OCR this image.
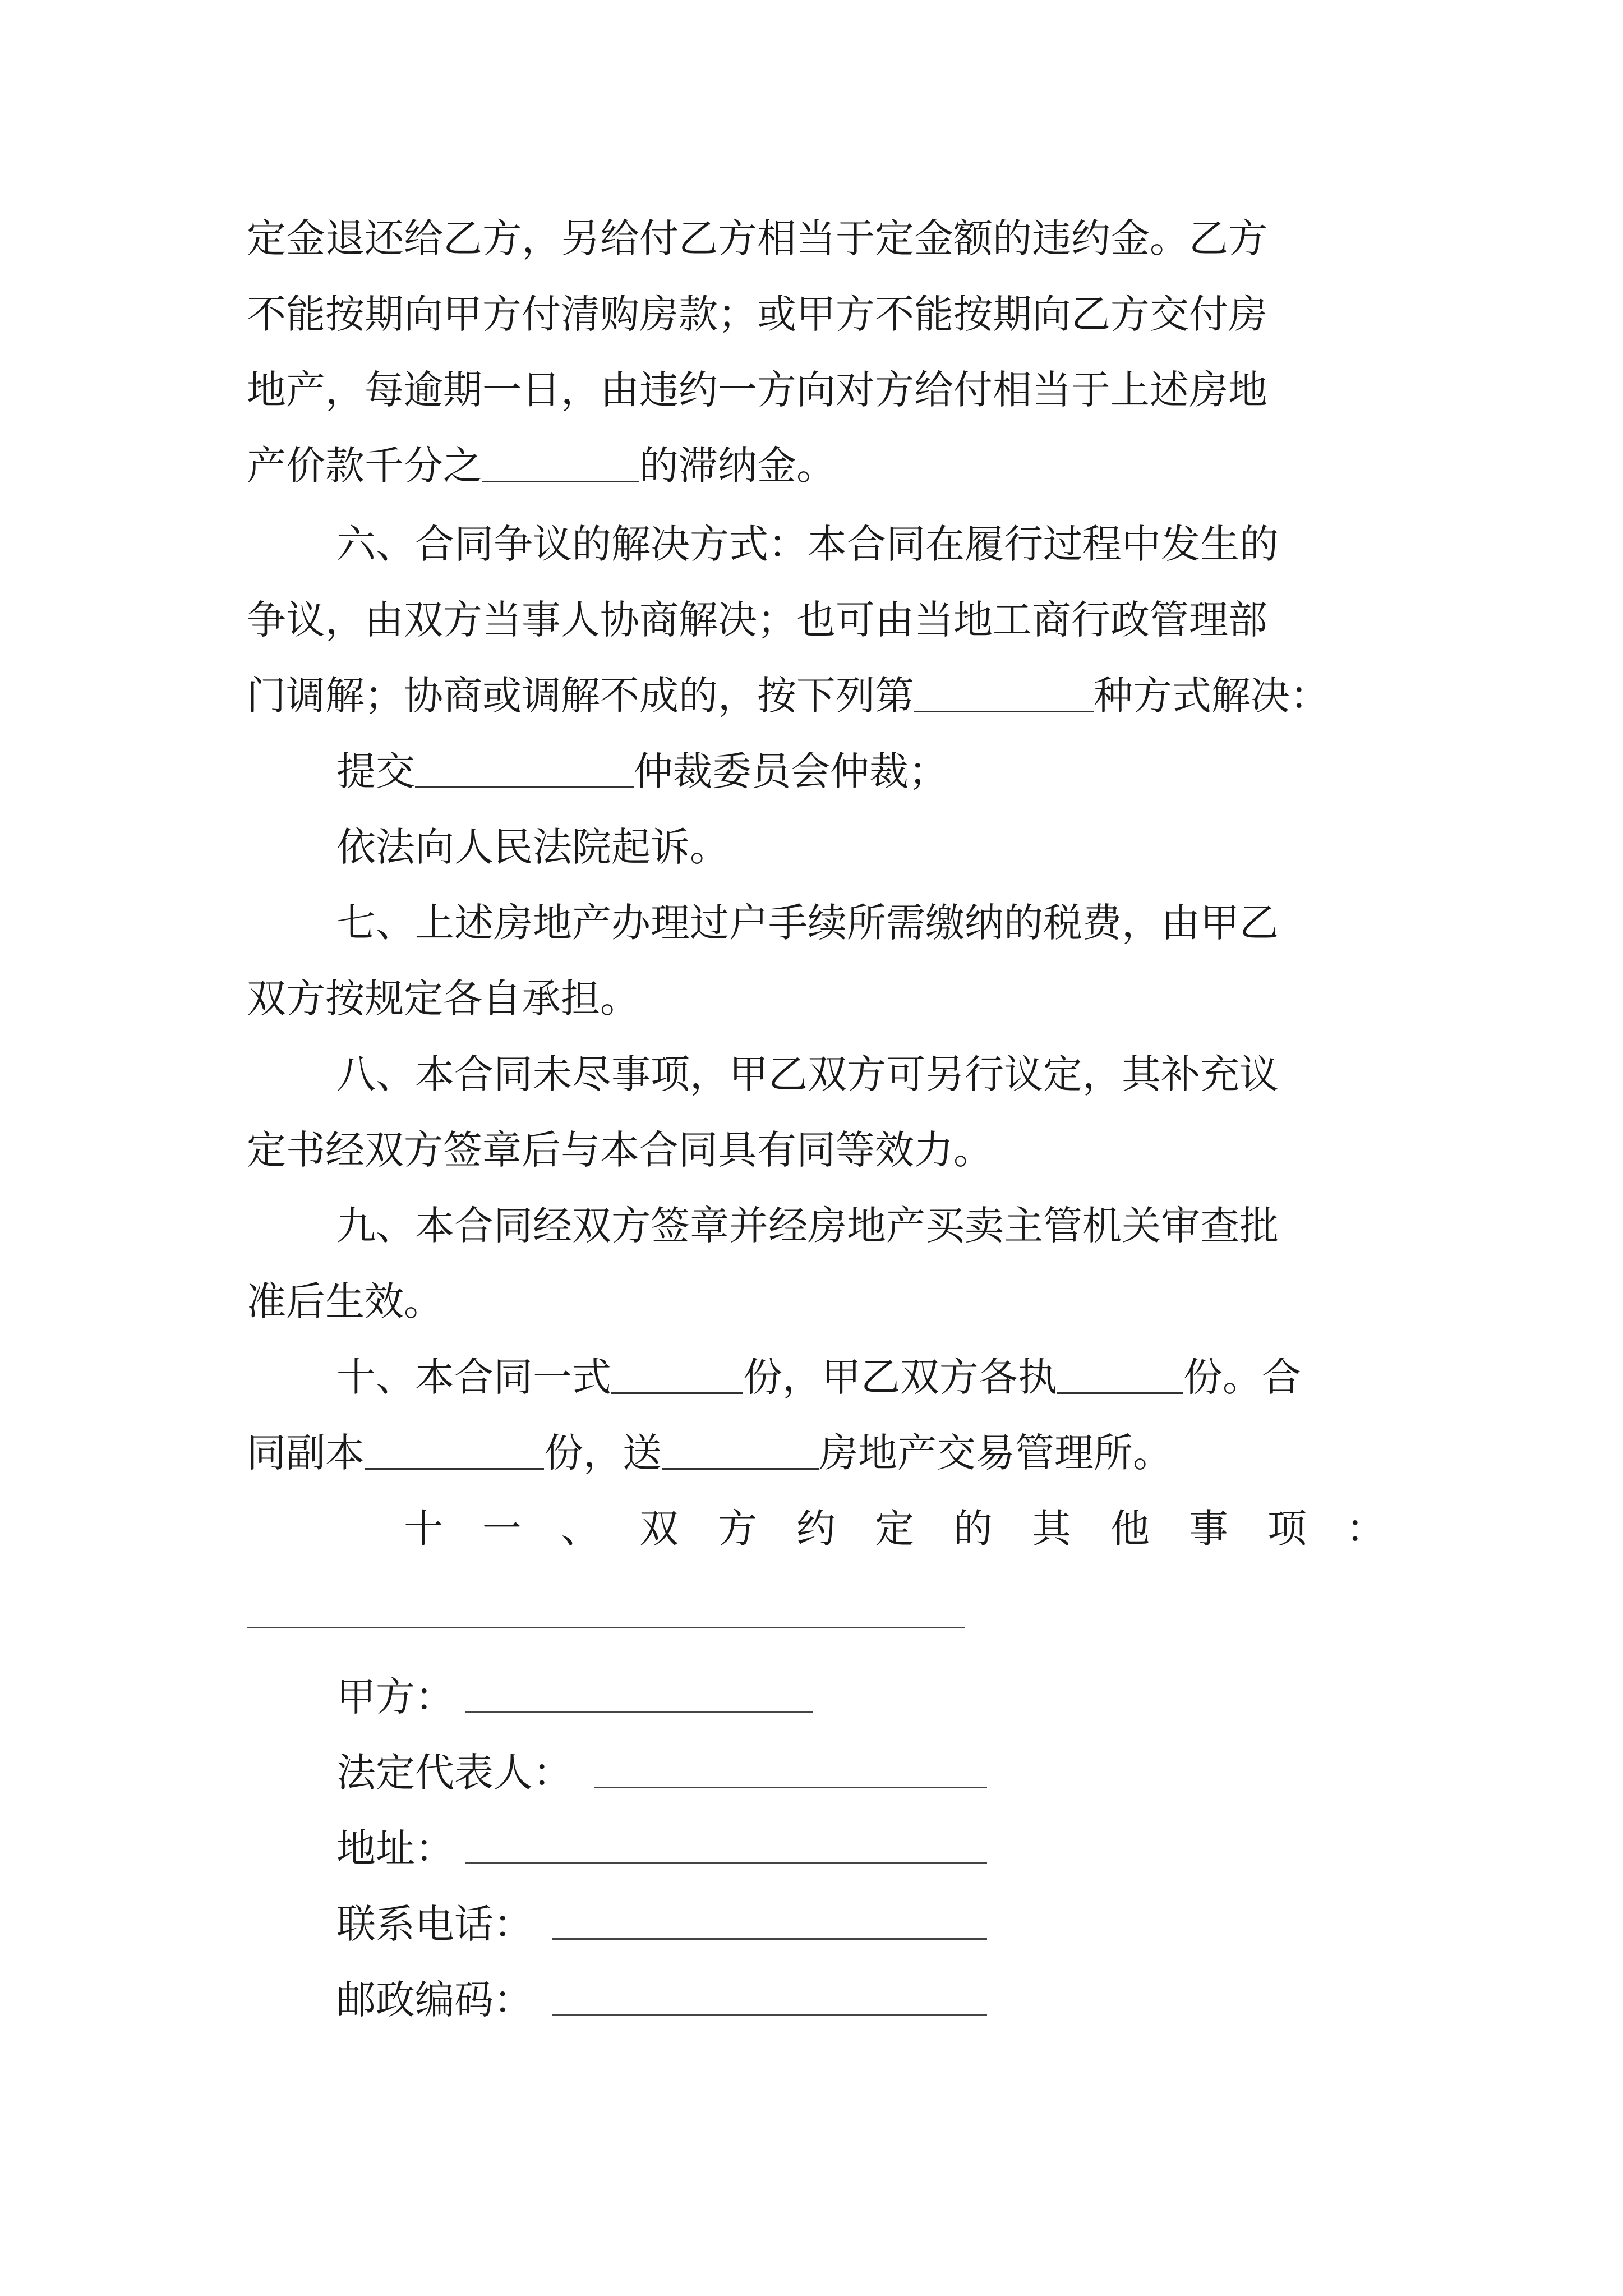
定金退还给乙方，另给付乙方相当于定金额的违约金。乙方
不能按期向甲方付清购房款；或甲方不能按期向乙方交付房
地产，每逾期一日，由违约一方向对方给付相当于上述房地
产价款千分之	的滞纳金。
六、合同争议的解决方式：本合同在履行过程中发生的
争议，由双方当事人协商解决；也可由当地工商行政管理部
门调解；协商或调解不成的，按下列第	种方式解决：
提交	仲裁委员会仲裁；
依法向人民法院起诉。
七、上述房地产办理过户手续所需缴纳的税费，由甲乙
双方按规定各自承担。
八、本合同未尽事项，甲乙双方可另行议定，其补充议
定书经双方签章后与本合同具有同等效力。
九、本合同经双方签章并经房地产买卖主管机关审查批
准后生效。
十、本合同一式	份，甲乙双方各执	份。合
同副本	份，送	房地产交易管理所。
十 一 、 双 方 约 定 的 其 他 事 项 ：
甲方：
法定代表人：
地址：
联系电话：
邮政编码：
